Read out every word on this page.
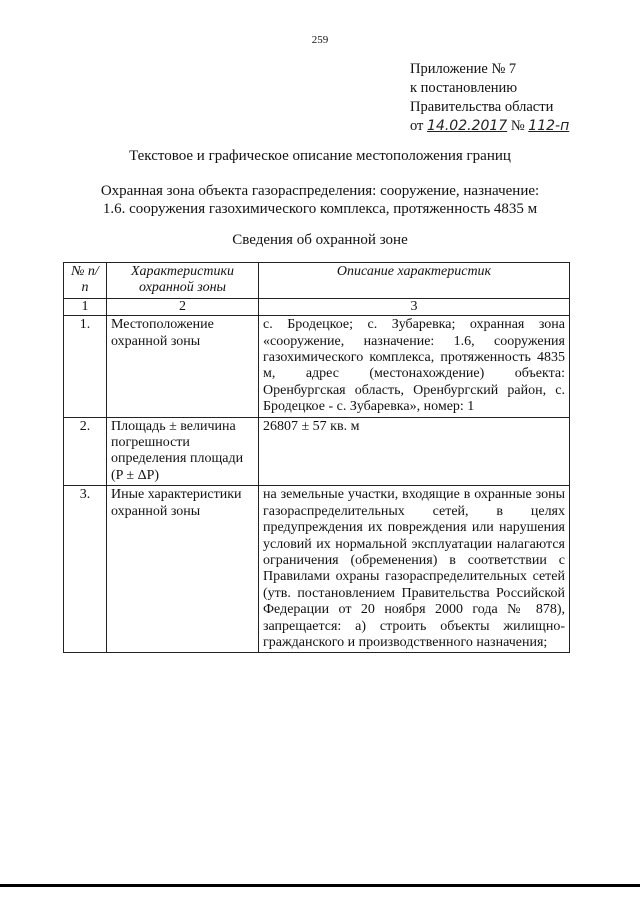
259
Приложение № 7
к постановлению
Правительства области
от 14.02.2017 № 112-п
Текстовое и графическое описание местоположения границ
Охранная зона объекта газораспределения: сооружение, назначение:
1.6. сооружения газохимического комплекса, протяженность 4835 м
Сведения об охранной зоне
№ п/п	Характеристики охранной зоны	Описание характеристик
1	2	3
1.	Местоположение охранной зоны	с. Бродецкое; с. Зубаревка; охранная зона «сооружение, назначение: 1.6, сооружения газохимического комплекса, протяженность 4835 м, адрес (местонахождение) объекта: Оренбургская область, Оренбургский район, с. Бродецкое - с. Зубаревка», номер: 1
2.	Площадь ± величина погрешности определения площади (P ± ΔP)	26807 ± 57 кв. м
3.	Иные характеристики охранной зоны	на земельные участки, входящие в охранные зоны газораспределительных сетей, в целях предупреждения их повреждения или нарушения условий их нормальной эксплуатации налагаются ограничения (обременения) в соответствии с Правилами охраны газораспределительных сетей (утв. постановлением Правительства Российской Федерации от 20 ноября 2000 года № 878), запрещается: а) строить объекты жилищно-гражданского и производственного назначения;
